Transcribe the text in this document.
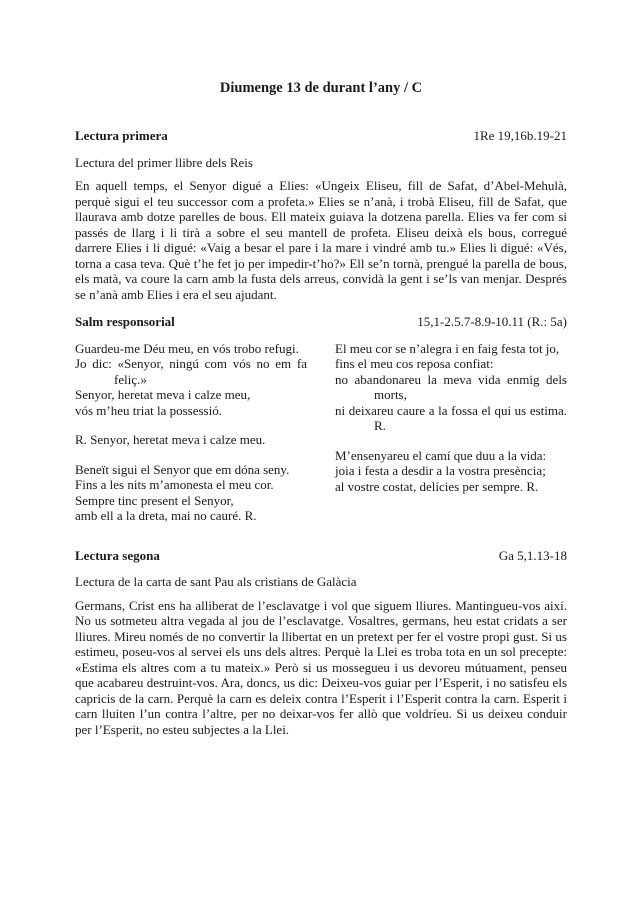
Diumenge 13 de durant l’any / C
Lectura primera	1Re 19,16b.19-21

Lectura del primer llibre dels Reis

En aquell temps, el Senyor digué a Elies: «Ungeix Eliseu, fill de Safat, d’Abel-Mehulà, perquè sigui el teu successor com a profeta.» Elies se n’anà, i trobà Eliseu, fill de Safat, que llaurava amb dotze parelles de bous. Ell mateix guiava la dotzena parella. Elies va fer com si passés de llarg i li tirà a sobre el seu mantell de profeta. Eliseu deixà els bous, corregué darrere Elies i li digué: «Vaig a besar el pare i la mare i vindré amb tu.» Elies li digué: «Vés, torna a casa teva. Què t’he fet jo per impedir-t’ho?» Ell se’n tornà, prengué la parella de bous, els matà, va coure la carn amb la fusta dels arreus, convidà la gent i se’ls van menjar. Després se n’anà amb Elies i era el seu ajudant.

Salm responsorial	15,1-2.5.7-8.9-10.11 (R.: 5a)
Guardeu-me Déu meu, en vós trobo refugi.
Jo dic: «Senyor, ningú com vós no em fa feliç.»
Senyor, heretat meva i calze meu,
vós m’heu triat la possessió.
R. Senyor, heretat meva i calze meu.
Beneït sigui el Senyor que em dóna seny.
Fins a les nits m’amonesta el meu cor.
Sempre tinc present el Senyor,
amb ell a la dreta, mai no cauré. R.
El meu cor se n’alegra i en faig festa tot jo,
fins el meu cos reposa confiat:
no abandonareu la meva vida enmig dels morts,
ni deixareu caure a la fossa el qui us estima. R.
M’ensenyareu el camí que duu a la vida:
joia i festa a desdir a la vostra presència;
al vostre costat, delícies per sempre. R.
Lectura segona	Ga 5,1.13-18

Lectura de la carta de sant Pau als cristians de Galàcia

Germans, Crist ens ha alliberat de l’esclavatge i vol que siguem lliures. Mantingueu-vos així. No us sotmeteu altra vegada al jou de l’esclavatge. Vosaltres, germans, heu estat cridats a ser lliures. Mireu només de no convertir la llibertat en un pretext per fer el vostre propi gust. Si us estimeu, poseu-vos al servei els uns dels altres. Perquè la Llei es troba tota en un sol precepte: «Estima els altres com a tu mateix.» Però si us mossegueu i us devoreu mútuament, penseu que acabareu destruint-vos. Ara, doncs, us dic: Deixeu-vos guiar per l’Esperit, i no satisfeu els capricis de la carn. Perquè la carn es deleix contra l’Esperit i l’Esperit contra la carn. Esperit i carn lluiten l’un contra l’altre, per no deixar-vos fer allò que voldríeu. Si us deixeu conduir per l’Esperit, no esteu subjectes a la Llei.
